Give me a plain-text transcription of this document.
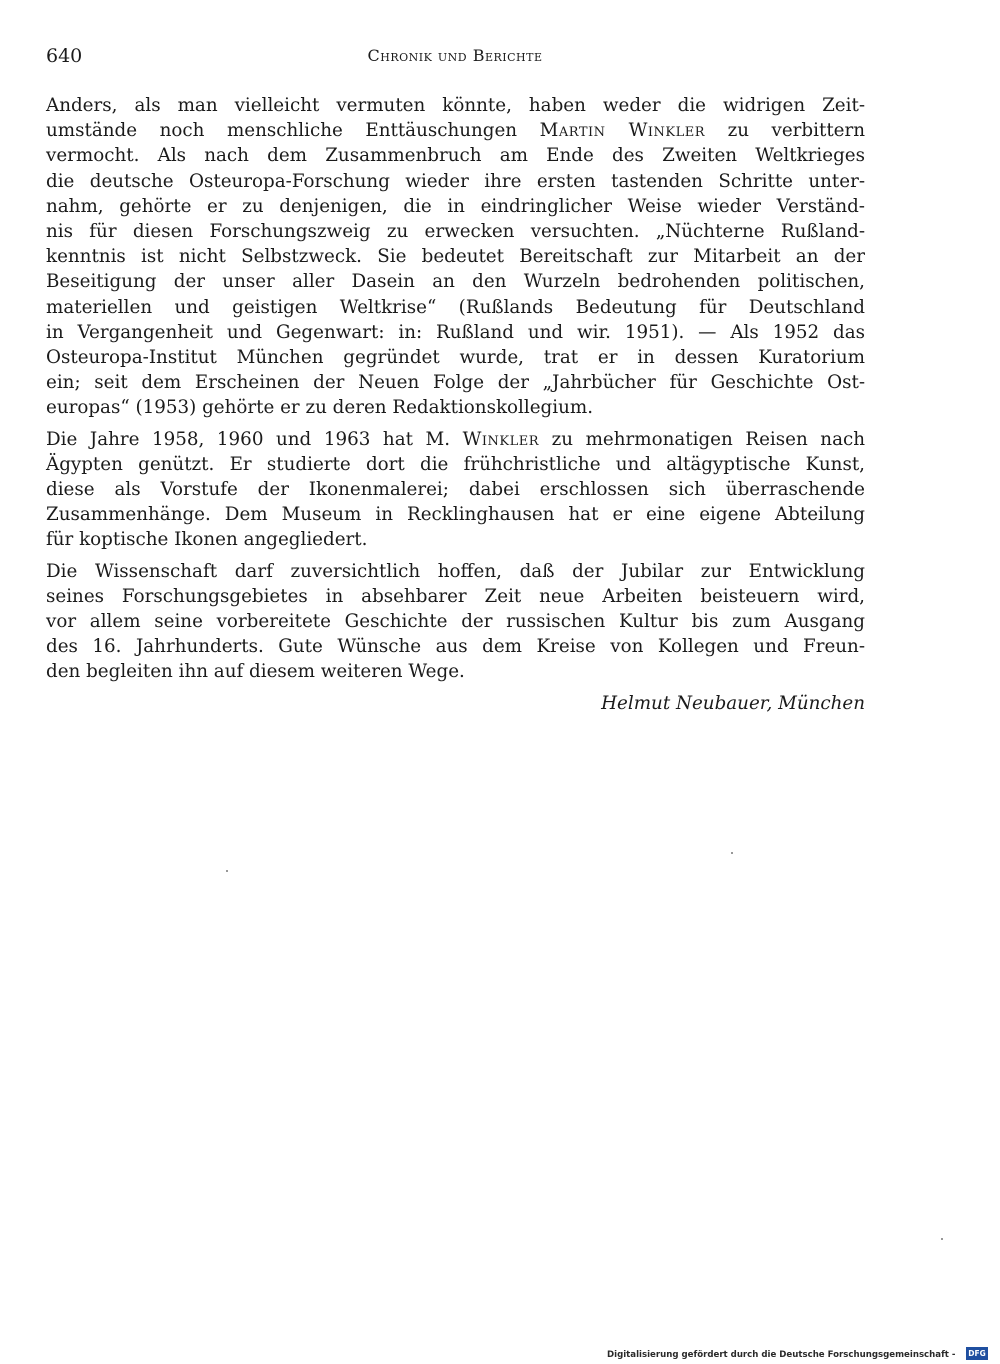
640	Chronik und Berichte

Anders, als man vielleicht vermuten könnte, haben weder die widrigen Zeit-
umstände noch menschliche Enttäuschungen Martin Winkler zu verbittern
vermocht. Als nach dem Zusammenbruch am Ende des Zweiten Weltkrieges
die deutsche Osteuropa-Forschung wieder ihre ersten tastenden Schritte unter-
nahm, gehörte er zu denjenigen, die in eindringlicher Weise wieder Verständ-
nis für diesen Forschungszweig zu erwecken versuchten. „Nüchterne Rußland-
kenntnis ist nicht Selbstzweck. Sie bedeutet Bereitschaft zur Mitarbeit an der
Beseitigung der unser aller Dasein an den Wurzeln bedrohenden politischen,
materiellen und geistigen Weltkrise“ (Rußlands Bedeutung für Deutschland
in Vergangenheit und Gegenwart: in: Rußland und wir. 1951). — Als 1952 das
Osteuropa-Institut München gegründet wurde, trat er in dessen Kuratorium
ein; seit dem Erscheinen der Neuen Folge der „Jahrbücher für Geschichte Ost-
europas“ (1953) gehörte er zu deren Redaktionskollegium.

Die Jahre 1958, 1960 und 1963 hat M. Winkler zu mehrmonatigen Reisen nach
Ägypten genützt. Er studierte dort die frühchristliche und altägyptische Kunst,
diese als Vorstufe der Ikonenmalerei; dabei erschlossen sich überraschende
Zusammenhänge. Dem Museum in Recklinghausen hat er eine eigene Abteilung
für koptische Ikonen angegliedert.

Die Wissenschaft darf zuversichtlich hoffen, daß der Jubilar zur Entwicklung
seines Forschungsgebietes in absehbarer Zeit neue Arbeiten beisteuern wird,
vor allem seine vorbereitete Geschichte der russischen Kultur bis zum Ausgang
des 16. Jahrhunderts. Gute Wünsche aus dem Kreise von Kollegen und Freun-
den begleiten ihn auf diesem weiteren Wege.

Helmut Neubauer, München

Digitalisierung gefördert durch die Deutsche Forschungsgemeinschaft - DFG
